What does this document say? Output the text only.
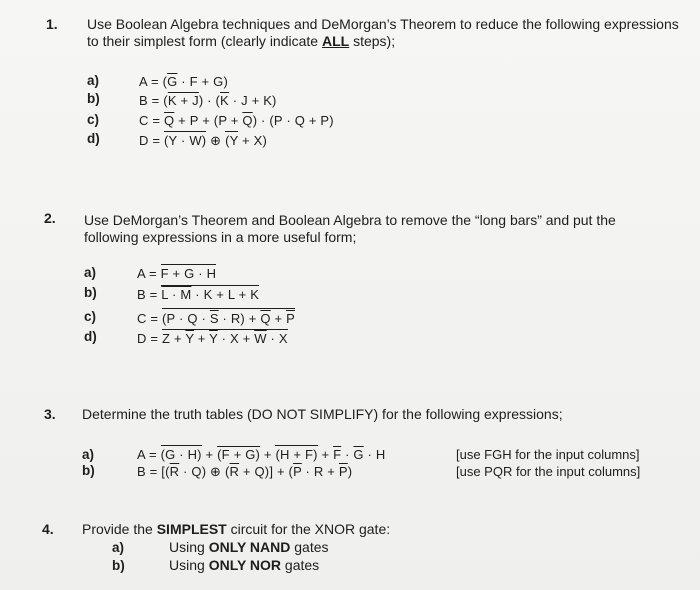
1. Use Boolean Algebra techniques and DeMorgan’s Theorem to reduce the following expressions
to their simplest form (clearly indicate ALL steps);
a)
b)
c)
d)
$A = (\overline{G} \cdot F + G)$
$B = (K + J) \cdot (\overline{K} \cdot J + K)$
$C = \overline{Q} + P + (P + \overline{Q}) \cdot (P \cdot Q + P)$
D = (Y · W) ⊕ (Y + X)
2. Use DeMorgan’s Theorem and Boolean Algebra to remove the “long bars” and put the
following expressions in a more useful form;
a)
b)
c)
d)
A = F + G · H
B = L · M · K + L + K
$C = (P \cdot Q \cdot \overline{S} \cdot R) + \overline{Q} + \overline{P}$
$D = Z + \overline{Y} + \overline{Y} \cdot X + \overline{W} \cdot X$
3. Determine the truth tables (DO NOT SIMPLIFY) for the following expressions;
a)
b)
$A = (G \cdot H) + (F + G) + (H + F) + \overline{F} \cdot \overline{G} \cdot H$
$B = [(\overline{R} \cdot Q)$ ⊕ $(\overline{R} + Q)] + (\overline{P} \cdot R + \overline{P})$
[use FGH for the input columns]
[use PQR for the input columns]
4. Provide the SIMPLEST circuit for the XNOR gate:
a)
b)
Using ONLY NAND gates
Using ONLY NOR gates
